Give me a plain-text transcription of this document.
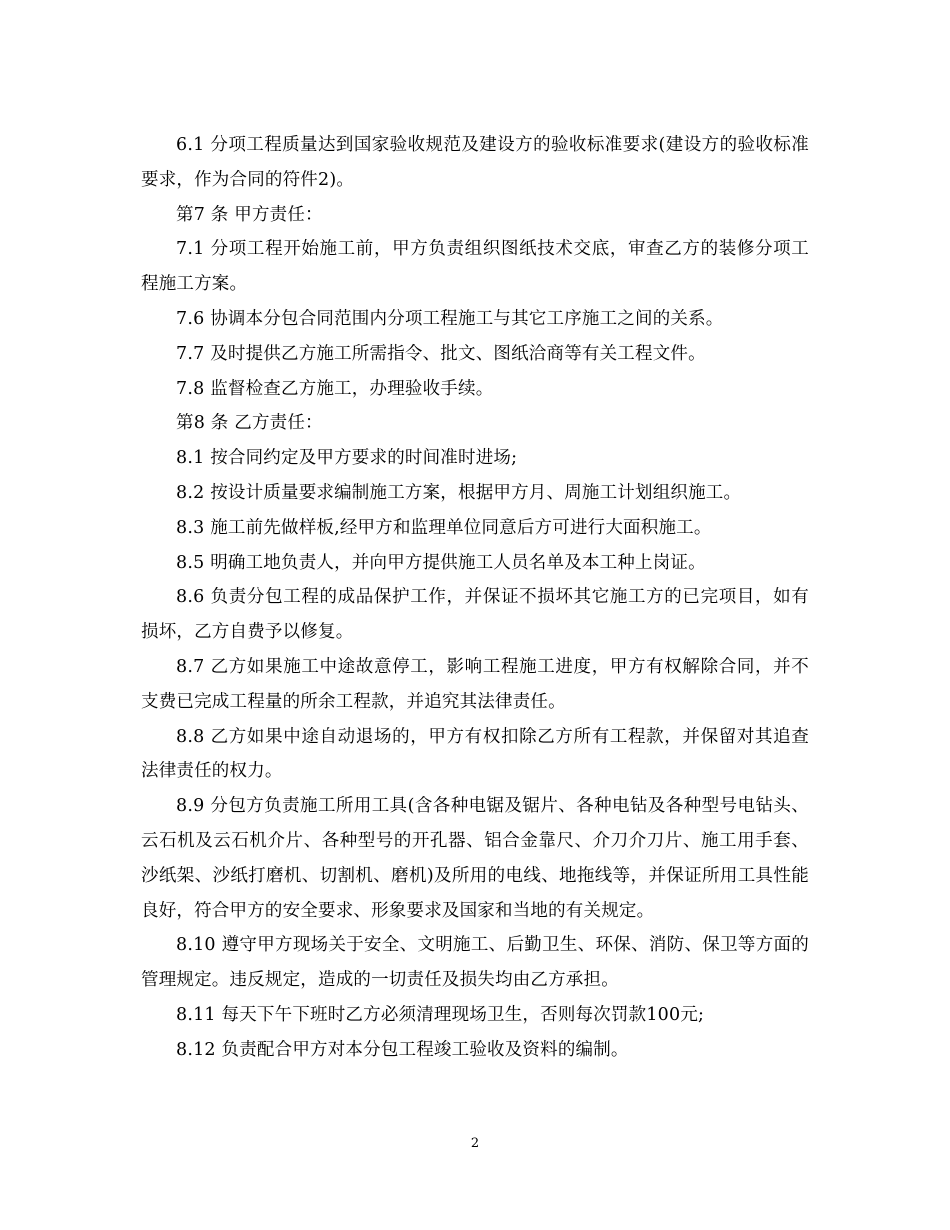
6.1 分项工程质量达到国家验收规范及建设方的验收标准要求(建设方的验收标准要求，作为合同的符件2)。

第7 条 甲方责任：

7.1 分项工程开始施工前，甲方负责组织图纸技术交底，审查乙方的装修分项工程施工方案。

7.6 协调本分包合同范围内分项工程施工与其它工序施工之间的关系。

7.7 及时提供乙方施工所需指令、批文、图纸洽商等有关工程文件。

7.8 监督检查乙方施工，办理验收手续。

第8 条 乙方责任：

8.1 按合同约定及甲方要求的时间准时进场;

8.2 按设计质量要求编制施工方案，根据甲方月、周施工计划组织施工。

8.3 施工前先做样板,经甲方和监理单位同意后方可进行大面积施工。

8.5 明确工地负责人，并向甲方提供施工人员名单及本工种上岗证。

8.6 负责分包工程的成品保护工作，并保证不损坏其它施工方的已完项目，如有损坏，乙方自费予以修复。

8.7 乙方如果施工中途故意停工，影响工程施工进度，甲方有权解除合同，并不支费已完成工程量的所余工程款，并追究其法律责任。

8.8 乙方如果中途自动退场的，甲方有权扣除乙方所有工程款，并保留对其追查法律责任的权力。

8.9 分包方负责施工所用工具(含各种电锯及锯片、各种电钻及各种型号电钻头、云石机及云石机介片、各种型号的开孔器、铝合金靠尺、介刀介刀片、施工用手套、沙纸架、沙纸打磨机、切割机、磨机)及所用的电线、地拖线等，并保证所用工具性能良好，符合甲方的安全要求、形象要求及国家和当地的有关规定。

8.10 遵守甲方现场关于安全、文明施工、后勤卫生、环保、消防、保卫等方面的管理规定。违反规定，造成的一切责任及损失均由乙方承担。

8.11 每天下午下班时乙方必须清理现场卫生，否则每次罚款100元;

8.12 负责配合甲方对本分包工程竣工验收及资料的编制。

2
